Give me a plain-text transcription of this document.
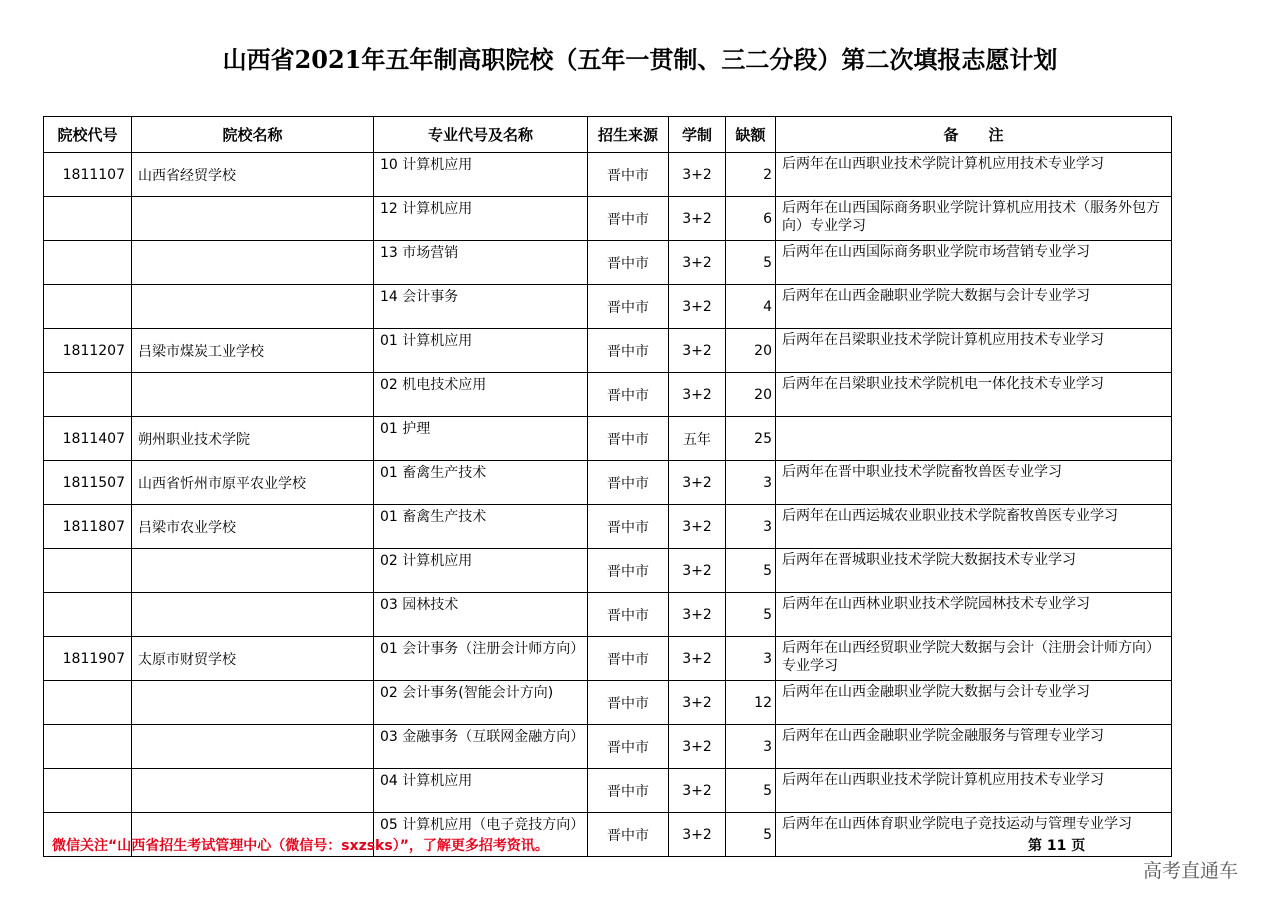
山西省2021年五年制高职院校（五年一贯制、三二分段）第二次填报志愿计划
院校代号	院校名称	专业代号及名称	招生来源	学制	缺额	备　　注
1811107	山西省经贸学校	10 计算机应用	晋中市	3+2	2	后两年在山西职业技术学院计算机应用技术专业学习
		12 计算机应用	晋中市	3+2	6	后两年在山西国际商务职业学院计算机应用技术（服务外包方向）专业学习
		13 市场营销	晋中市	3+2	5	后两年在山西国际商务职业学院市场营销专业学习
		14 会计事务	晋中市	3+2	4	后两年在山西金融职业学院大数据与会计专业学习
1811207	吕梁市煤炭工业学校	01 计算机应用	晋中市	3+2	20	后两年在吕梁职业技术学院计算机应用技术专业学习
		02 机电技术应用	晋中市	3+2	20	后两年在吕梁职业技术学院机电一体化技术专业学习
1811407	朔州职业技术学院	01 护理	晋中市	五年	25	
1811507	山西省忻州市原平农业学校	01 畜禽生产技术	晋中市	3+2	3	后两年在晋中职业技术学院畜牧兽医专业学习
1811807	吕梁市农业学校	01 畜禽生产技术	晋中市	3+2	3	后两年在山西运城农业职业技术学院畜牧兽医专业学习
		02 计算机应用	晋中市	3+2	5	后两年在晋城职业技术学院大数据技术专业学习
		03 园林技术	晋中市	3+2	5	后两年在山西林业职业技术学院园林技术专业学习
1811907	太原市财贸学校	01 会计事务（注册会计师方向）	晋中市	3+2	3	后两年在山西经贸职业学院大数据与会计（注册会计师方向）专业学习
		02 会计事务(智能会计方向)	晋中市	3+2	12	后两年在山西金融职业学院大数据与会计专业学习
		03 金融事务（互联网金融方向）	晋中市	3+2	3	后两年在山西金融职业学院金融服务与管理专业学习
		04 计算机应用	晋中市	3+2	5	后两年在山西职业技术学院计算机应用技术专业学习
		05 计算机应用（电子竞技方向）	晋中市	3+2	5	后两年在山西体育职业学院电子竞技运动与管理专业学习
微信关注“山西省招生考试管理中心（微信号：sxzsks）”，了解更多招考资讯。	第 11 页
高考直通车
